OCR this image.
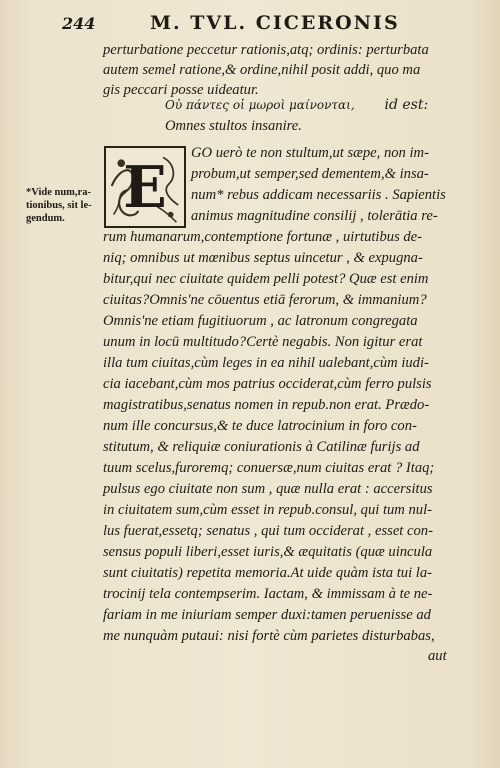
244	M. TVL. CICERONIS
perturbatione peccetur rationis,atq; ordinis: perturbata
autem semel ratione,& ordine,nihil posit addi, quo ma
gis peccari posse uideatur.
Οὐ πάντες οἱ μωροὶ μαίνονται, id est:
Omnes stultos insanire.
GO uerò te non stultum,ut sæpe, non im-
probum,ut semper,sed dementem,& insa-
num* rebus addicam necessariis . Sapientis
animus magnitudine consilij , tolerātia re-
rum humanarum,contemptione fortunæ , uirtutibus de-
niq; omnibus ut mœnibus septus uincetur , & expugna-
bitur,qui nec ciuitate quidem pelli potest? Quæ est enim
ciuitas?Omnis'ne cōuentus etiā ferorum, & immanium?
Omnis'ne etiam fugitiuorum , ac latronum congregata
unum in locū multitudo?Certè negabis. Non igitur erat
illa tum ciuitas,cùm leges in ea nihil ualebant,cùm iudi-
cia iacebant,cùm mos patrius occiderat,cùm ferro pulsis
magistratibus,senatus nomen in repub.non erat. Prædo-
num ille concursus,& te duce latrocinium in foro con-
stitutum, & reliquiæ coniurationis à Catilinæ furijs ad
tuum scelus,furoremq; conuersæ,num ciuitas erat ? Itaq;
pulsus ego ciuitate non sum , quæ nulla erat : accersitus
in ciuitatem sum,cùm esset in repub.consul, qui tum nul-
lus fuerat,essetq; senatus , qui tum occiderat , esset con-
sensus populi liberi,esset iuris,& æquitatis (quæ uincula
sunt ciuitatis) repetita memoria.At uide quàm ista tui la-
trocinij tela contempserim. Iactam, & immissam à te ne-
fariam in me iniuriam semper duxi:tamen peruenisse ad
me nunquàm putaui: nisi fortè cùm parietes disturbabas,
E
*Vide num,ra-
tionibus, sit le-
gendum.
aut
